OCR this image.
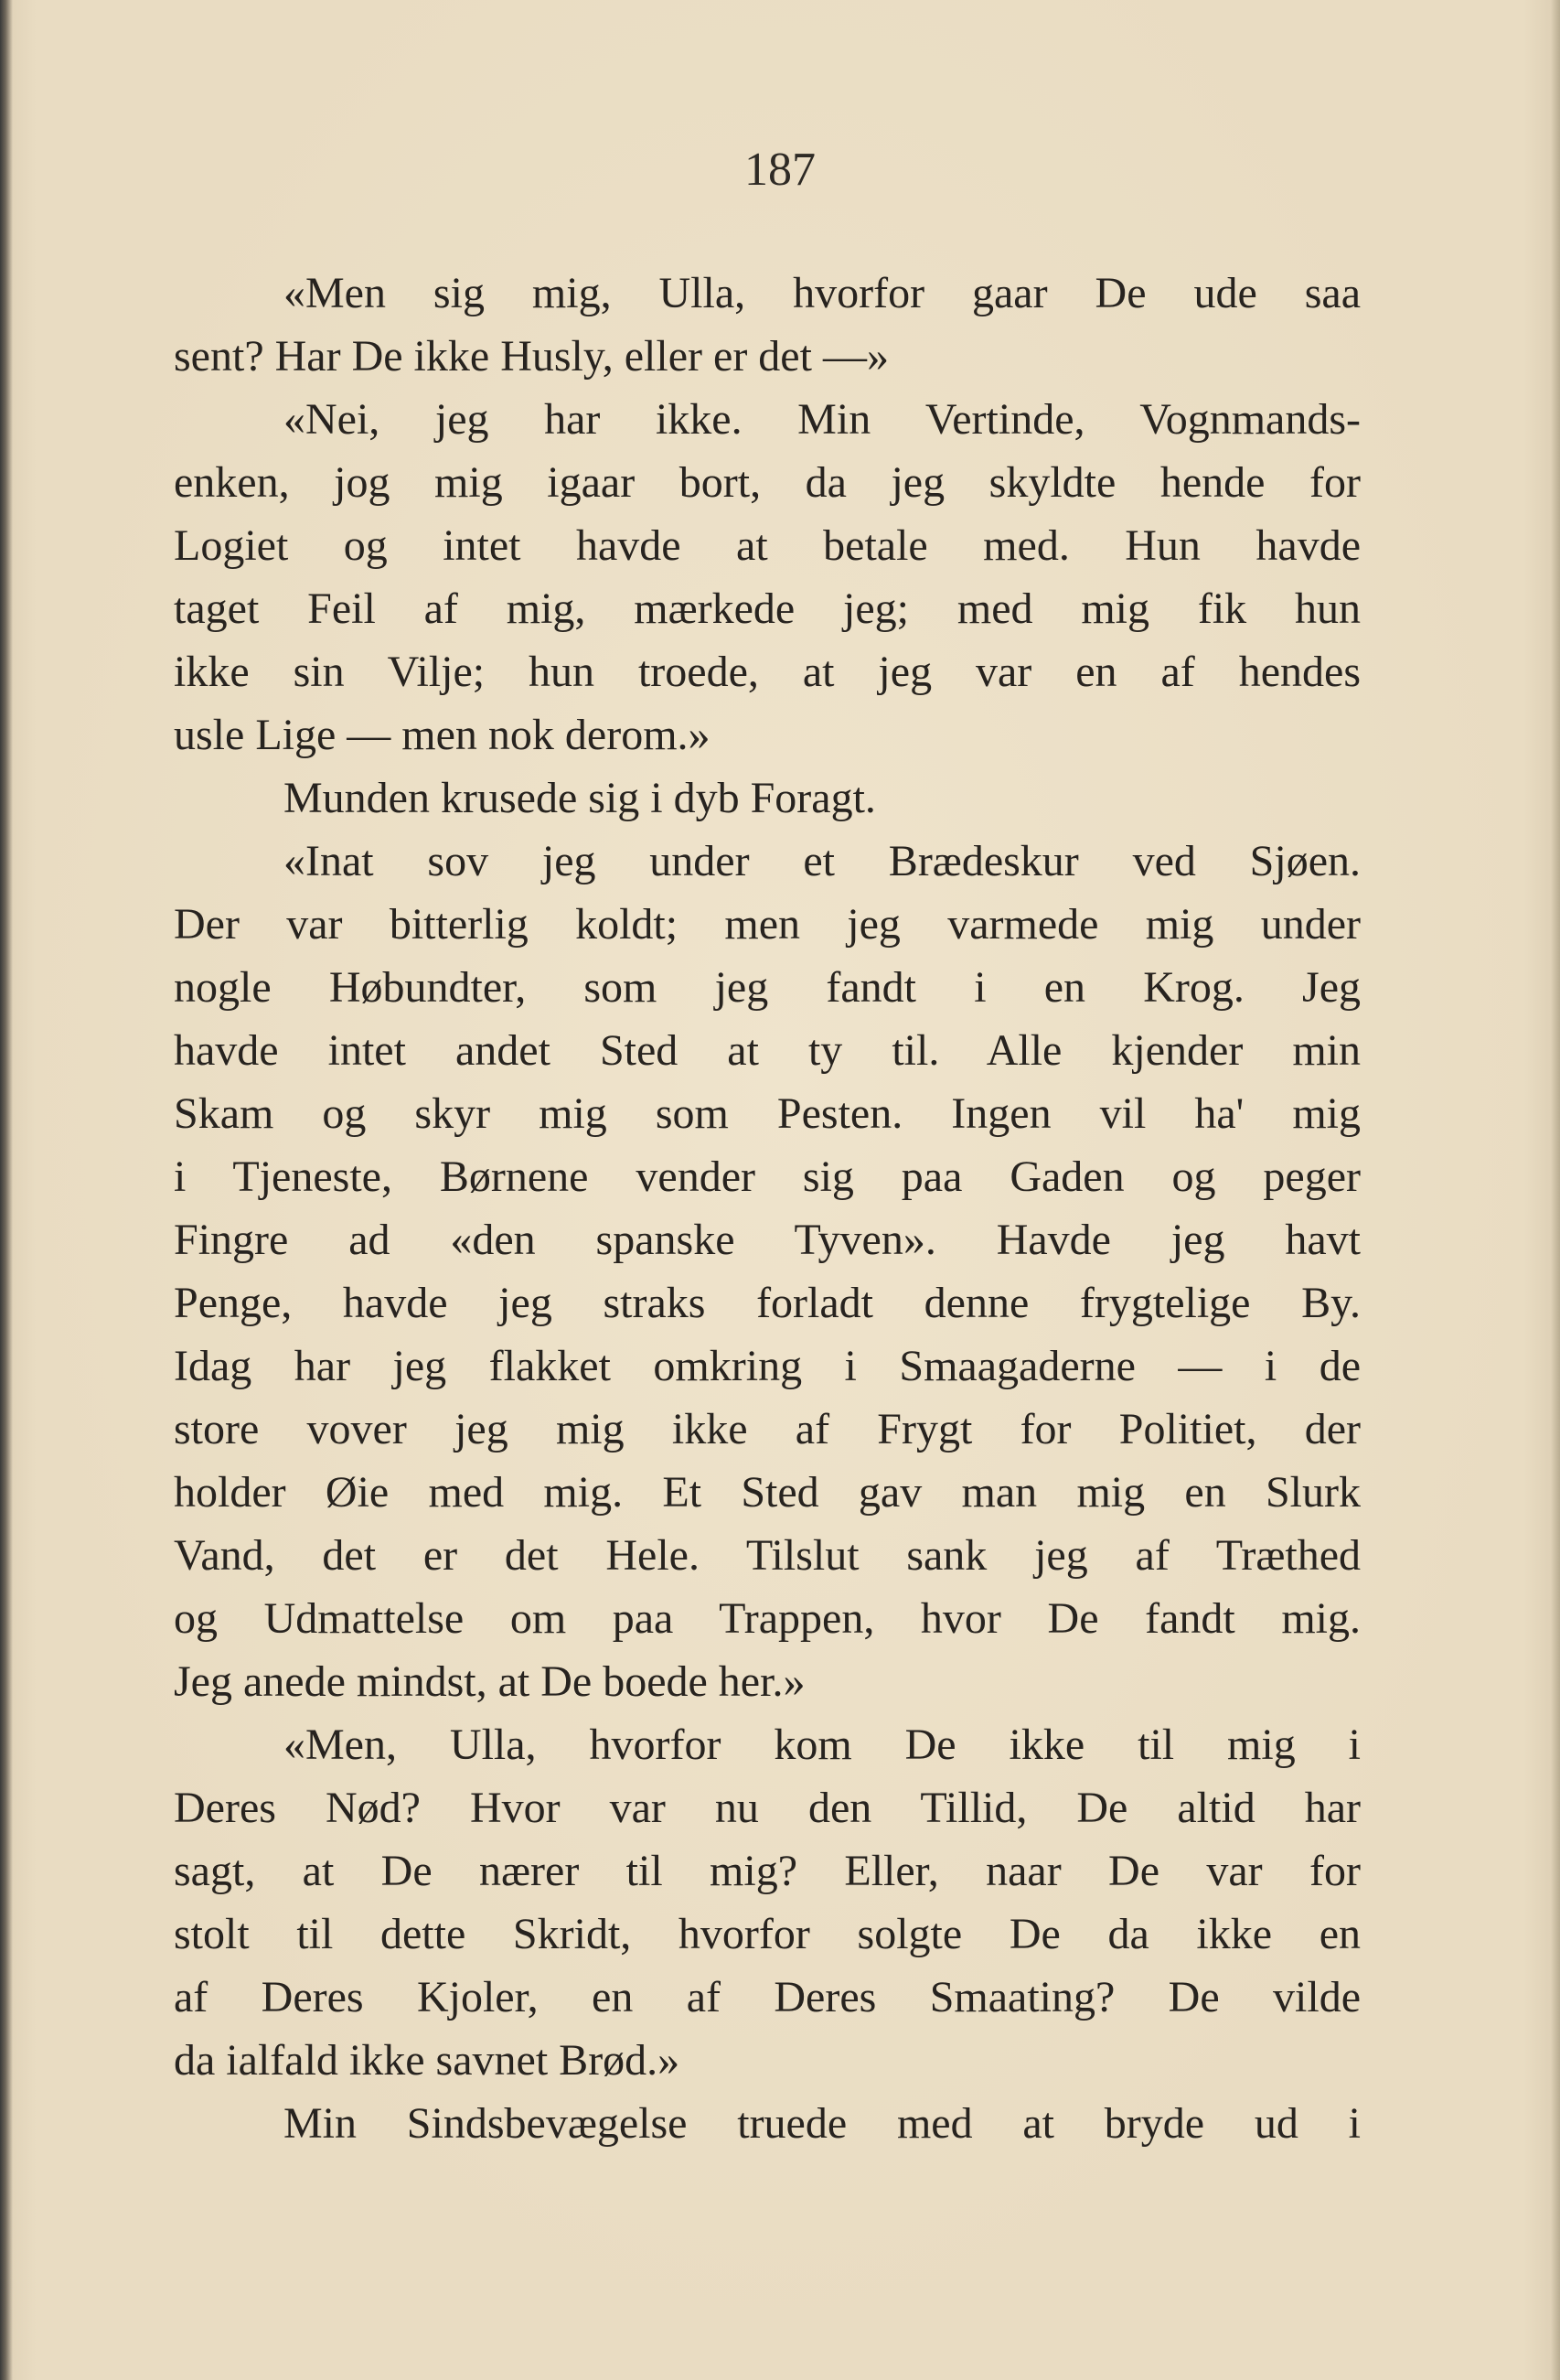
187
«Men sig mig, Ulla, hvorfor gaar De ude saa
sent? Har De ikke Husly, eller er det —»
«Nei, jeg har ikke. Min Vertinde, Vognmands-
enken, jog mig igaar bort, da jeg skyldte hende for
Logiet og intet havde at betale med. Hun havde
taget Feil af mig, mærkede jeg; med mig fik hun
ikke sin Vilje; hun troede, at jeg var en af hendes
usle Lige — men nok derom.»
Munden krusede sig i dyb Foragt.
«Inat sov jeg under et Brædeskur ved Sjøen.
Der var bitterlig koldt; men jeg varmede mig under
nogle Høbundter, som jeg fandt i en Krog. Jeg
havde intet andet Sted at ty til. Alle kjender min
Skam og skyr mig som Pesten. Ingen vil ha' mig
i Tjeneste, Børnene vender sig paa Gaden og peger
Fingre ad «den spanske Tyven». Havde jeg havt
Penge, havde jeg straks forladt denne frygtelige By.
Idag har jeg flakket omkring i Smaagaderne — i de
store vover jeg mig ikke af Frygt for Politiet, der
holder Øie med mig. Et Sted gav man mig en Slurk
Vand, det er det Hele. Tilslut sank jeg af Træthed
og Udmattelse om paa Trappen, hvor De fandt mig.
Jeg anede mindst, at De boede her.»
«Men, Ulla, hvorfor kom De ikke til mig i
Deres Nød? Hvor var nu den Tillid, De altid har
sagt, at De nærer til mig? Eller, naar De var for
stolt til dette Skridt, hvorfor solgte De da ikke en
af Deres Kjoler, en af Deres Smaating? De vilde
da ialfald ikke savnet Brød.»
Min Sindsbevægelse truede med at bryde ud i
